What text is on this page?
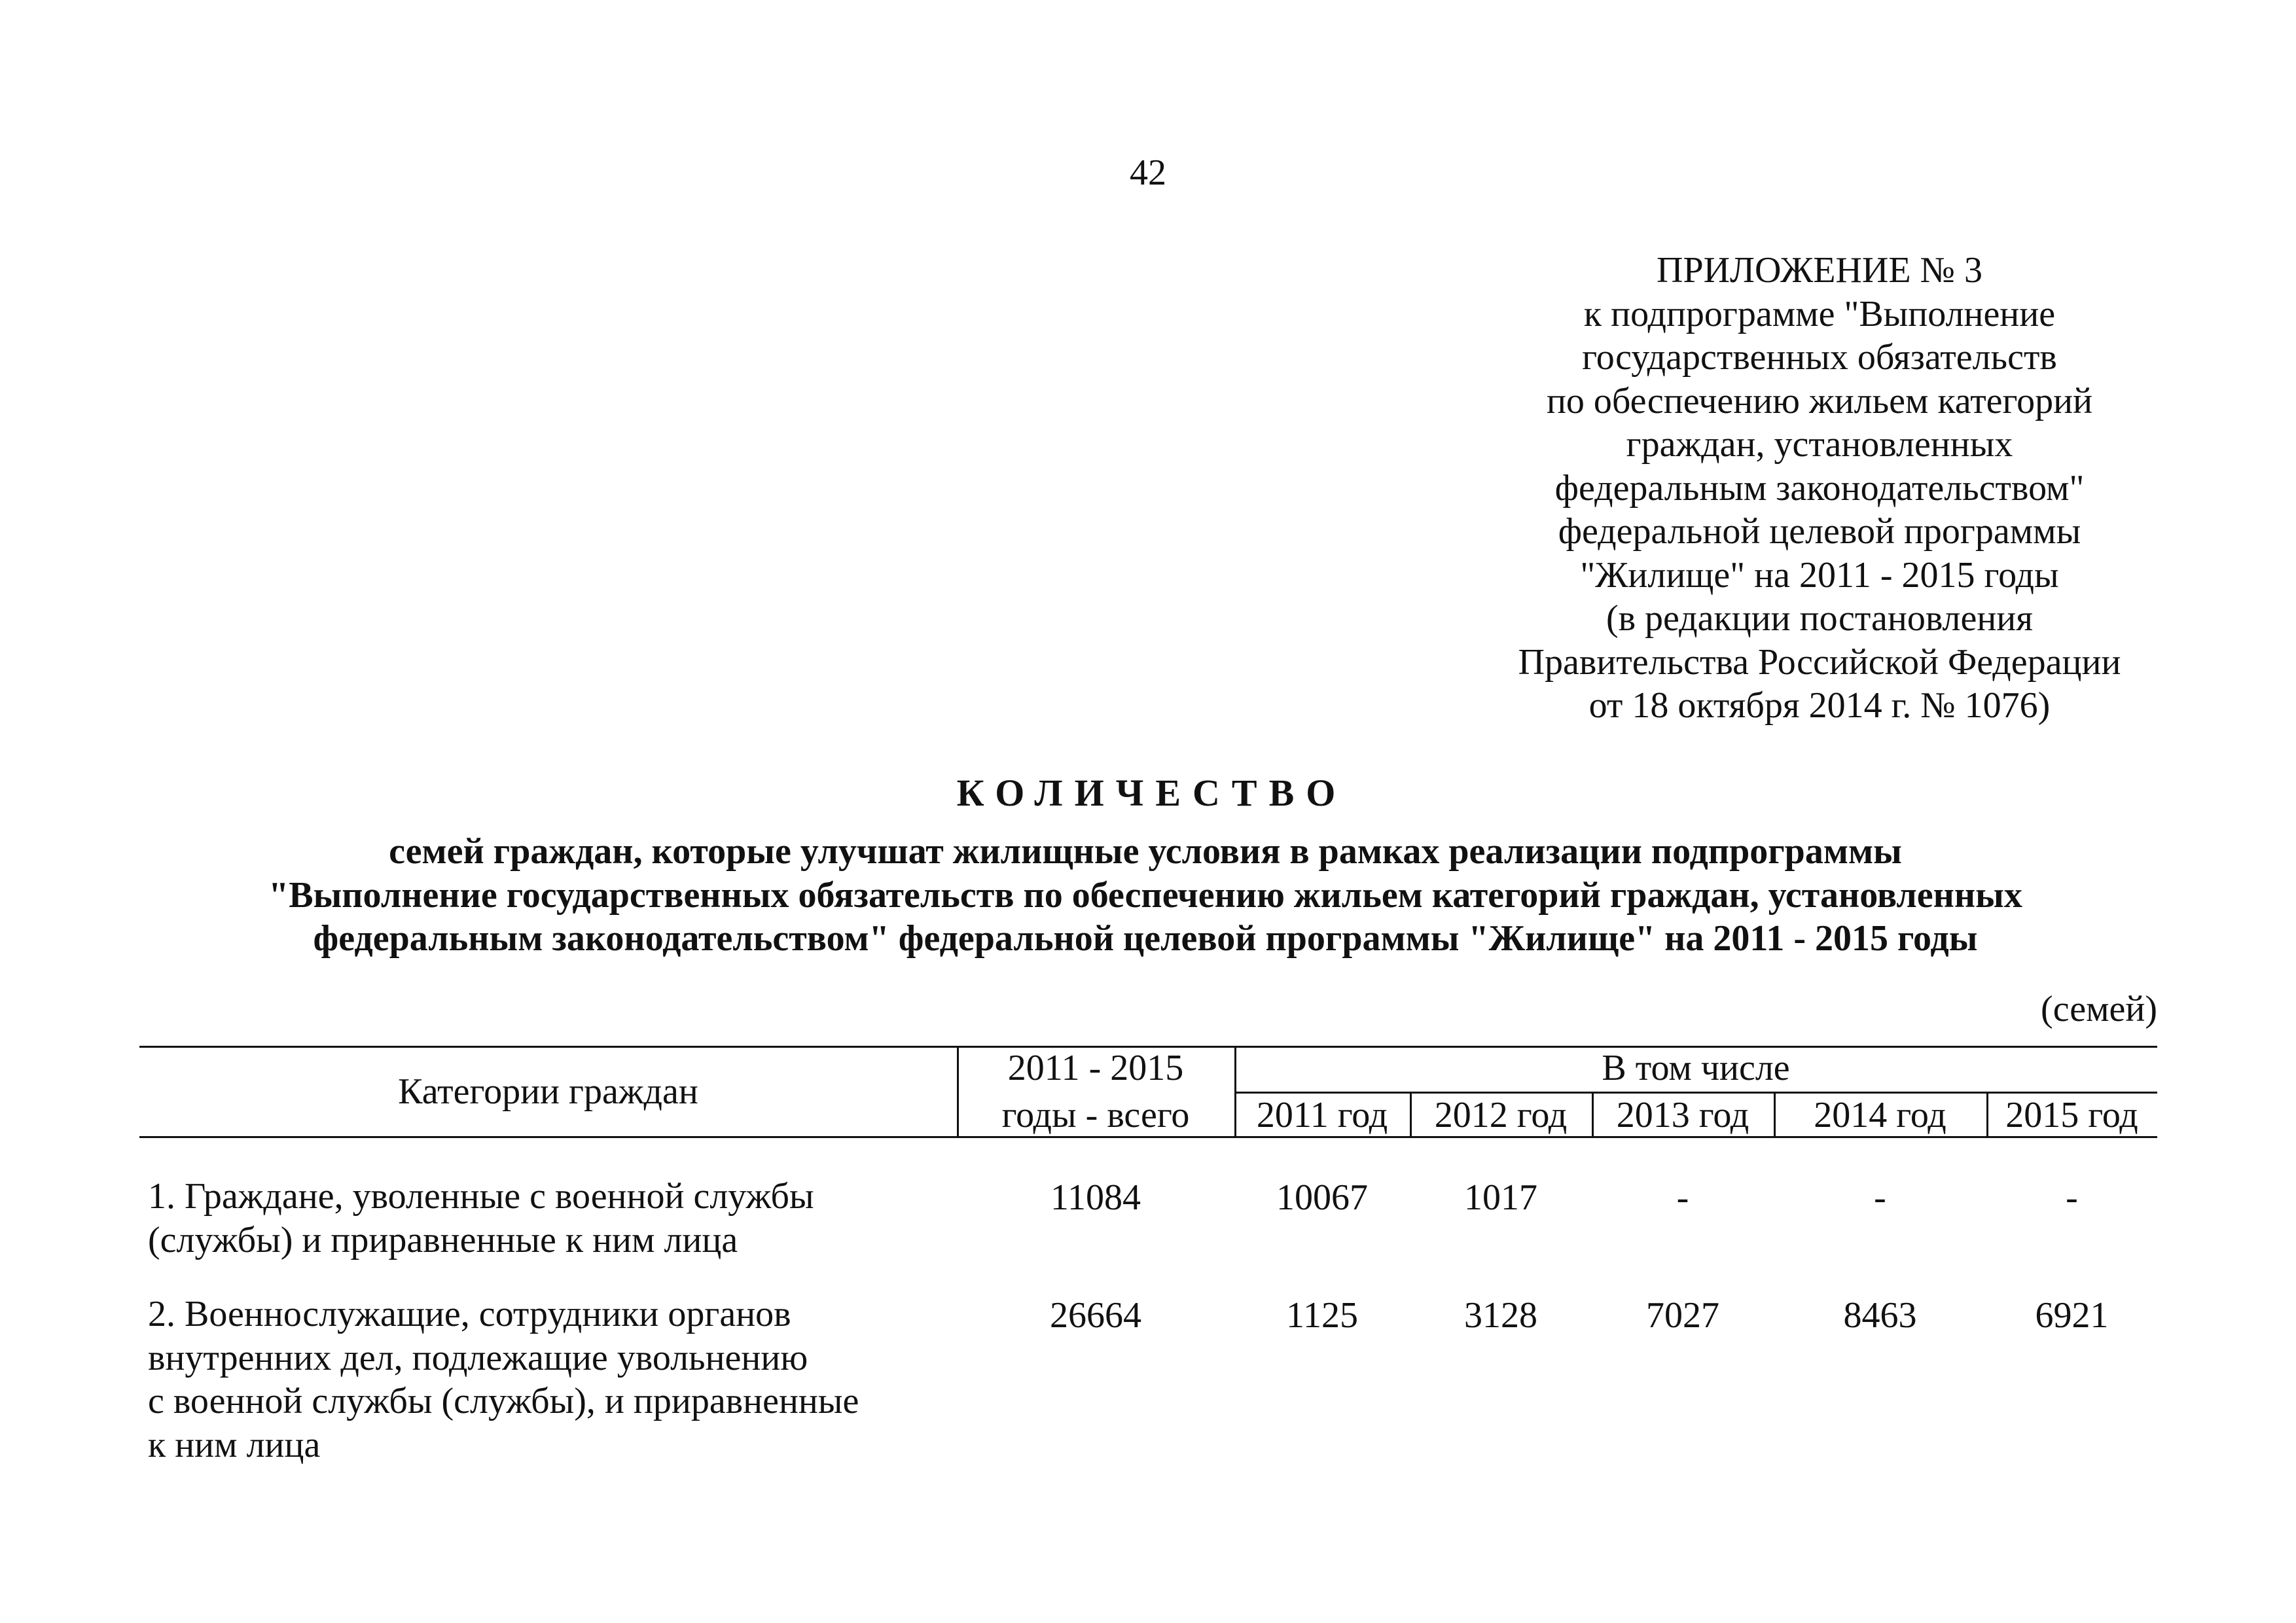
42
ПРИЛОЖЕНИЕ № 3
к подпрограмме "Выполнение
государственных обязательств
по обеспечению жильем категорий
граждан, установленных
федеральным законодательством"
федеральной целевой программы
"Жилище" на 2011 - 2015 годы
(в редакции постановления
Правительства Российской Федерации
от 18 октября 2014 г. № 1076)
КОЛИЧЕСТВО
семей граждан, которые улучшат жилищные условия в рамках реализации подпрограммы
"Выполнение государственных обязательств по обеспечению жильем категорий граждан, установленных
федеральным законодательством" федеральной целевой программы "Жилище" на 2011 - 2015 годы
(семей)
Категории граждан
2011 - 2015
годы - всего
В том числе
2011 год	2012 год	2013 год	2014 год	2015 год
1. Граждане, уволенные с военной службы
(службы) и приравненные к ним лица
11084	10067	1017	-	-	-
2. Военнослужащие, сотрудники органов
внутренних дел, подлежащие увольнению
с военной службы (службы), и приравненные
к ним лица
26664	1125	3128	7027	8463	6921
